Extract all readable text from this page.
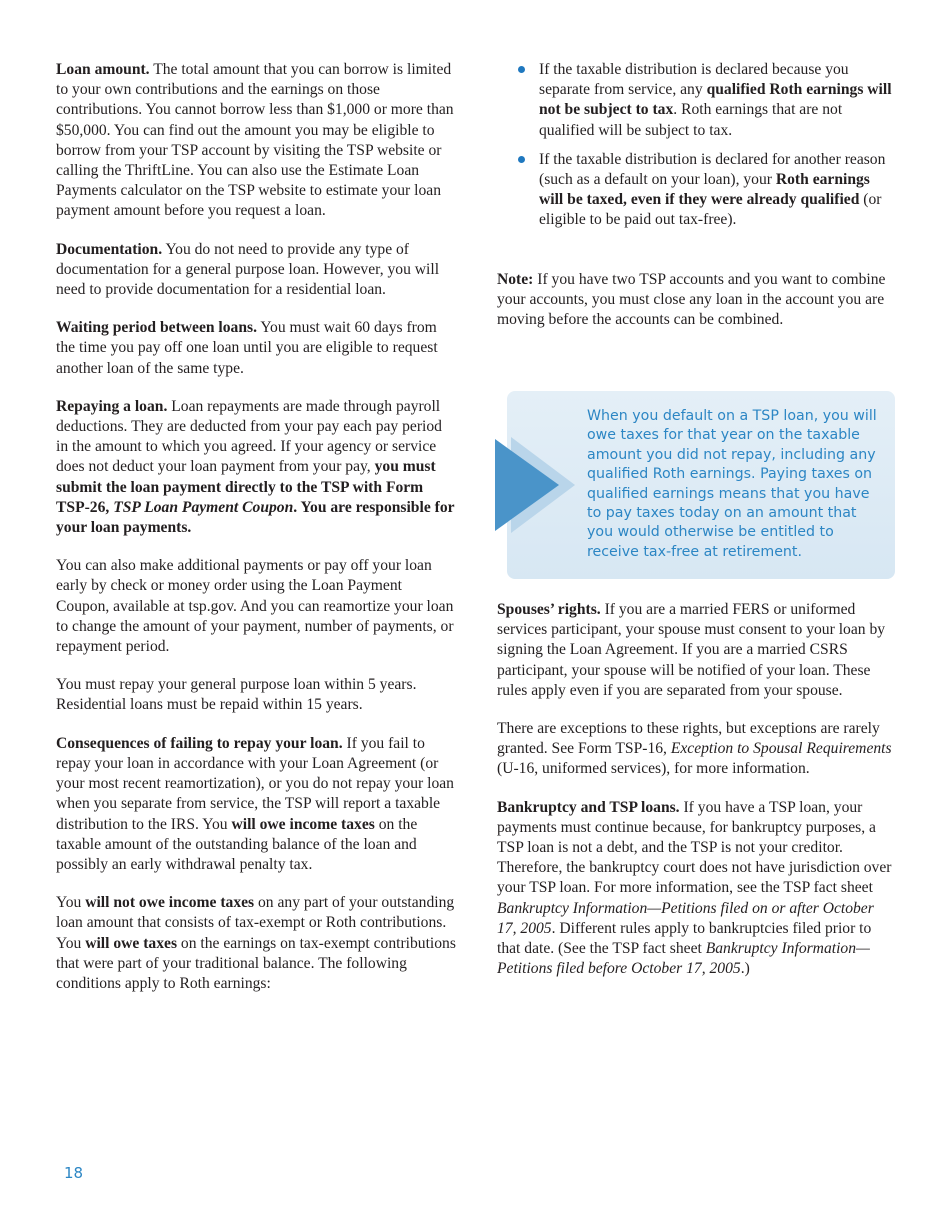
Loan amount. The total amount that you can borrow is limited to your own contributions and the earnings on those contributions. You cannot borrow less than $1,000 or more than $50,000. You can find out the amount you may be eligible to borrow from your TSP account by visiting the TSP website or calling the ThriftLine. You can also use the Estimate Loan Payments calculator on the TSP website to estimate your loan payment amount before you request a loan.

Documentation. You do not need to provide any type of documentation for a general purpose loan. However, you will need to provide documentation for a residential loan.

Waiting period between loans. You must wait 60 days from the time you pay off one loan until you are eligible to request another loan of the same type.

Repaying a loan. Loan repayments are made through payroll deductions. They are deducted from your pay each pay period in the amount to which you agreed. If your agency or service does not deduct your loan payment from your pay, you must submit the loan payment directly to the TSP with Form TSP-26, TSP Loan Payment Coupon. You are responsible for your loan payments.

You can also make additional payments or pay off your loan early by check or money order using the Loan Payment Coupon, available at tsp.gov. And you can reamortize your loan to change the amount of your payment, number of payments, or repayment period.

You must repay your general purpose loan within 5 years. Residential loans must be repaid within 15 years.

Consequences of failing to repay your loan. If you fail to repay your loan in accordance with your Loan Agreement (or your most recent reamortization), or you do not repay your loan when you separate from service, the TSP will report a taxable distribution to the IRS. You will owe income taxes on the taxable amount of the outstanding balance of the loan and possibly an early withdrawal penalty tax.

You will not owe income taxes on any part of your outstanding loan amount that consists of tax-exempt or Roth contributions. You will owe taxes on the earnings on tax-exempt contributions that were part of your traditional balance. The following conditions apply to Roth earnings:

If the taxable distribution is declared because you separate from service, any qualified Roth earnings will not be subject to tax. Roth earnings that are not qualified will be subject to tax.
If the taxable distribution is declared for another reason (such as a default on your loan), your Roth earnings will be taxed, even if they were already qualified (or eligible to be paid out tax-free).

Note: If you have two TSP accounts and you want to combine your accounts, you must close any loan in the account you are moving before the accounts can be combined.

When you default on a TSP loan, you will owe taxes for that year on the taxable amount you did not repay, including any qualified Roth earnings. Paying taxes on qualified earnings means that you have to pay taxes today on an amount that you would otherwise be entitled to receive tax-free at retirement.

Spouses’ rights. If you are a married FERS or uniformed services participant, your spouse must consent to your loan by signing the Loan Agreement. If you are a married CSRS participant, your spouse will be notified of your loan. These rules apply even if you are separated from your spouse.

There are exceptions to these rights, but exceptions are rarely granted. See Form TSP-16, Exception to Spousal Requirements (U-16, uniformed services), for more information.

Bankruptcy and TSP loans. If you have a TSP loan, your payments must continue because, for bankruptcy purposes, a TSP loan is not a debt, and the TSP is not your creditor. Therefore, the bankruptcy court does not have jurisdiction over your TSP loan. For more information, see the TSP fact sheet Bankruptcy Information—Petitions filed on or after October 17, 2005. Different rules apply to bankruptcies filed prior to that date. (See the TSP fact sheet Bankruptcy Information—Petitions filed before October 17, 2005.)

18
